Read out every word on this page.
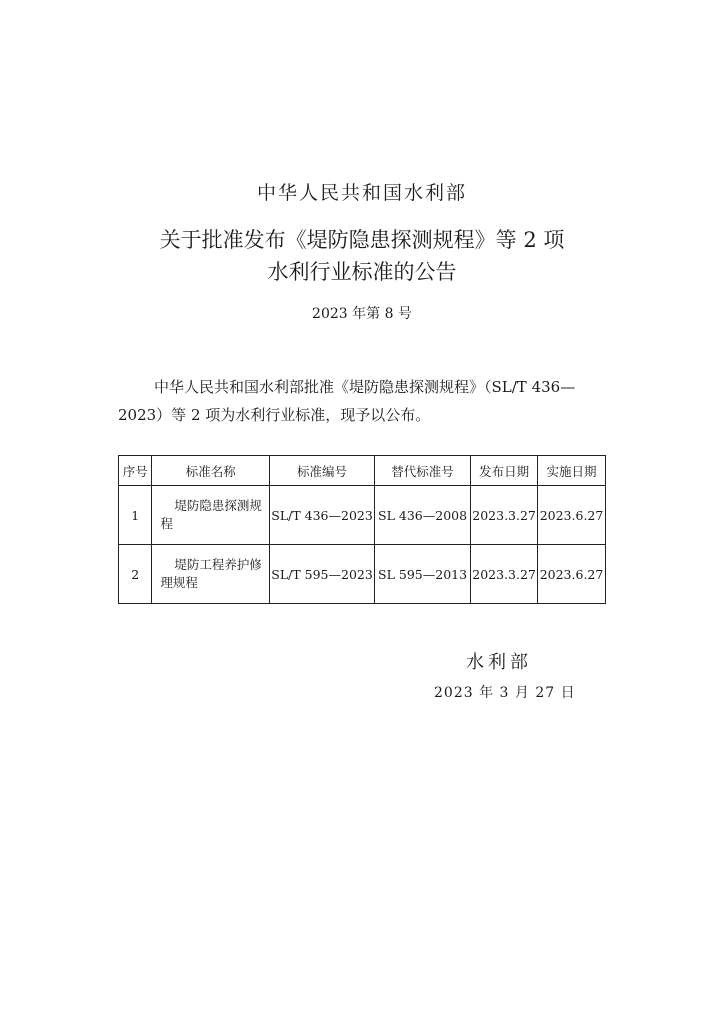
中华人民共和国水利部
关于批准发布《堤防隐患探测规程》等 2 项
水利行业标准的公告
2023 年第 8 号
中华人民共和国水利部批准《堤防隐患探测规程》（SL/T 436—2023）等 2 项为水利行业标准，现予以公布。
序号	标准名称	标准编号	替代标准号	发布日期	实施日期
1	堤防隐患探测规程	SL/T 436—2023	SL 436—2008	2023.3.27	2023.6.27
2	堤防工程养护修理规程	SL/T 595—2023	SL 595—2013	2023.3.27	2023.6.27
水利部
2023 年 3 月 27 日
